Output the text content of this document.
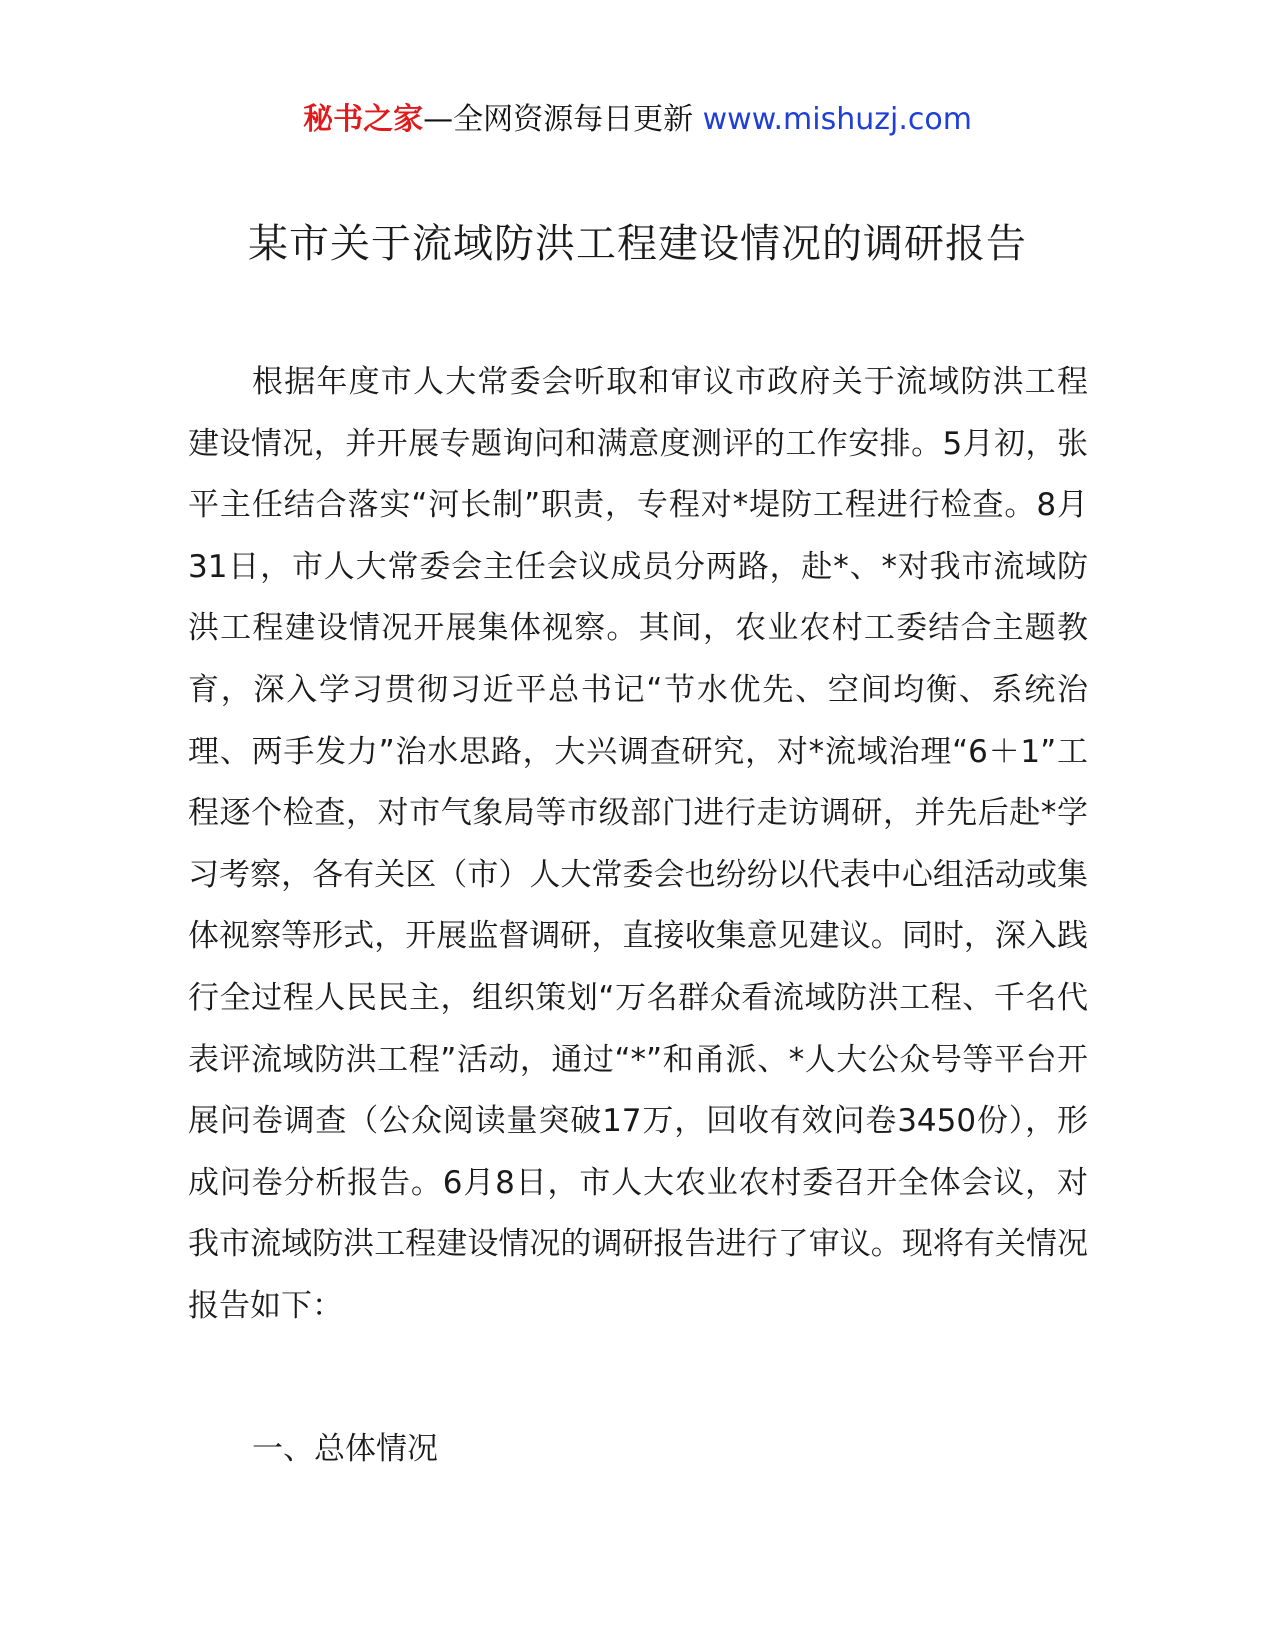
秘书之家—全网资源每日更新 www.mishuzj.com
某市关于流域防洪工程建设情况的调研报告

根据年度市人大常委会听取和审议市政府关于流域防洪工程建设情况，并开展专题询问和满意度测评的工作安排。5月初，张平主任结合落实“河长制”职责，专程对*堤防工程进行检查。8月31日，市人大常委会主任会议成员分两路，赴*、*对我市流域防洪工程建设情况开展集体视察。其间，农业农村工委结合主题教育，深入学习贯彻习近平总书记“节水优先、空间均衡、系统治理、两手发力”治水思路，大兴调查研究，对*流域治理“6＋1”工程逐个检查，对市气象局等市级部门进行走访调研，并先后赴*学习考察，各有关区（市）人大常委会也纷纷以代表中心组活动或集体视察等形式，开展监督调研，直接收集意见建议。同时，深入践行全过程人民民主，组织策划“万名群众看流域防洪工程、千名代表评流域防洪工程”活动，通过“*”和甬派、*人大公众号等平台开展问卷调查（公众阅读量突破17万，回收有效问卷3450份），形成问卷分析报告。6月8日，市人大农业农村委召开全体会议，对我市流域防洪工程建设情况的调研报告进行了审议。现将有关情况报告如下：

一、总体情况
